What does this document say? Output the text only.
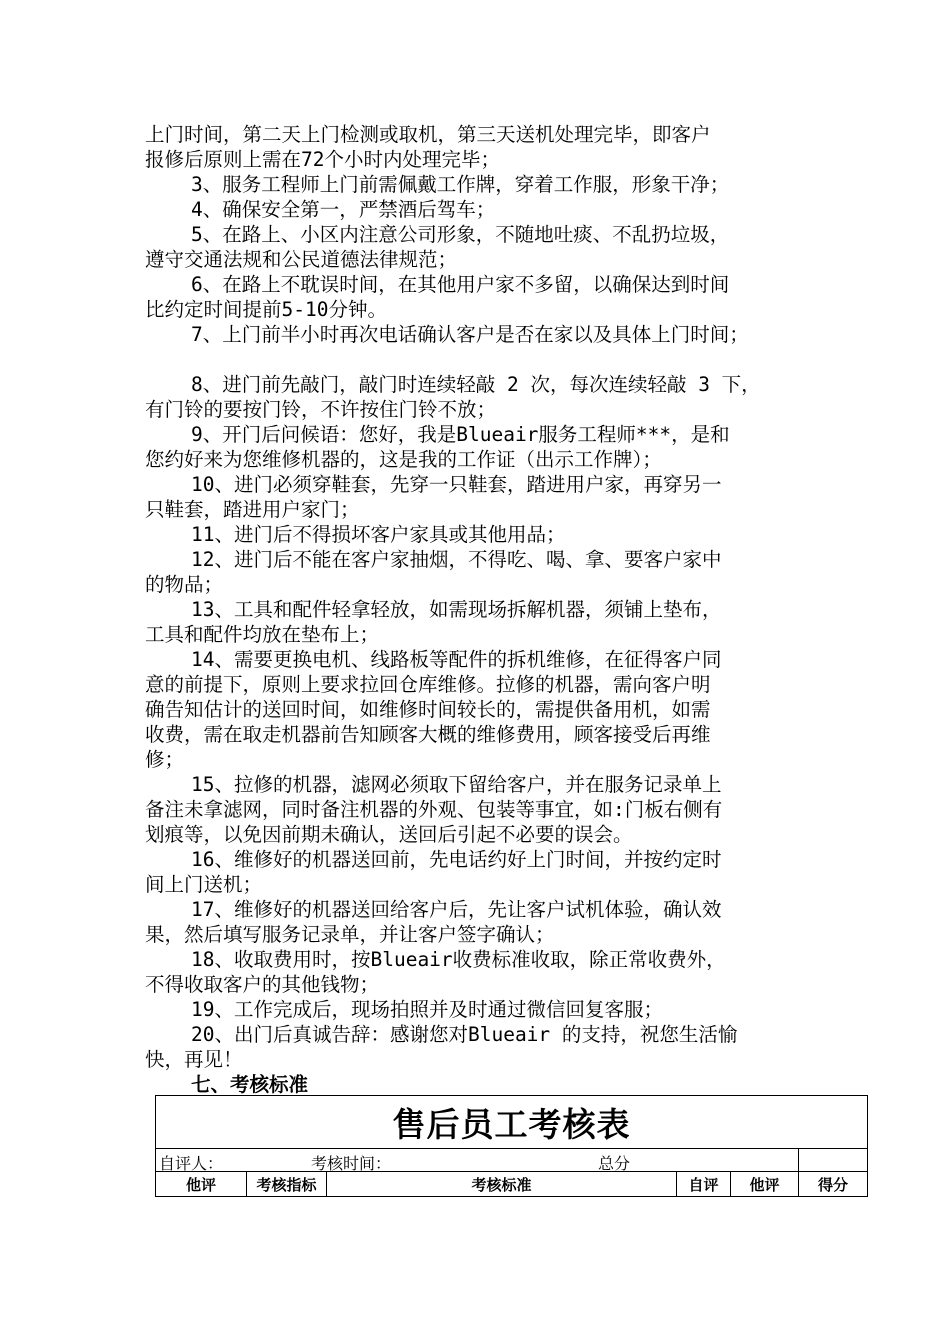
上门时间，第二天上门检测或取机，第三天送机处理完毕，即客户
报修后原则上需在72个小时内处理完毕；
3、服务工程师上门前需佩戴工作牌，穿着工作服，形象干净；
4、确保安全第一，严禁酒后驾车；
5、在路上、小区内注意公司形象，不随地吐痰、不乱扔垃圾，
遵守交通法规和公民道德法律规范；
6、在路上不耽误时间，在其他用户家不多留，以确保达到时间
比约定时间提前5-10分钟。
7、上门前半小时再次电话确认客户是否在家以及具体上门时间；
8、进门前先敲门，敲门时连续轻敲 2 次，每次连续轻敲 3 下，
有门铃的要按门铃，不许按住门铃不放；
9、开门后问候语：您好，我是Blueair服务工程师***，是和
您约好来为您维修机器的，这是我的工作证（出示工作牌）；
10、进门必须穿鞋套，先穿一只鞋套，踏进用户家，再穿另一
只鞋套，踏进用户家门；
11、进门后不得损坏客户家具或其他用品；
12、进门后不能在客户家抽烟，不得吃、喝、拿、要客户家中
的物品；
13、工具和配件轻拿轻放，如需现场拆解机器，须铺上垫布，
工具和配件均放在垫布上；
14、需要更换电机、线路板等配件的拆机维修，在征得客户同
意的前提下，原则上要求拉回仓库维修。拉修的机器，需向客户明
确告知估计的送回时间，如维修时间较长的，需提供备用机，如需
收费，需在取走机器前告知顾客大概的维修费用，顾客接受后再维
修；
15、拉修的机器，滤网必须取下留给客户，并在服务记录单上
备注未拿滤网，同时备注机器的外观、包装等事宜，如:门板右侧有
划痕等，以免因前期未确认，送回后引起不必要的误会。
16、维修好的机器送回前，先电话约好上门时间，并按约定时
间上门送机；
17、维修好的机器送回给客户后，先让客户试机体验，确认效
果，然后填写服务记录单，并让客户签字确认；
18、收取费用时，按Blueair收费标准收取，除正常收费外，
不得收取客户的其他钱物；
19、工作完成后，现场拍照并及时通过微信回复客服；
20、出门后真诚告辞：感谢您对Blueair 的支持，祝您生活愉
快，再见！
七、考核标准
售后员工考核表					

自评人： 考核时间： 总分					

他评	考核指标	考核标准	自评	他评	得分
